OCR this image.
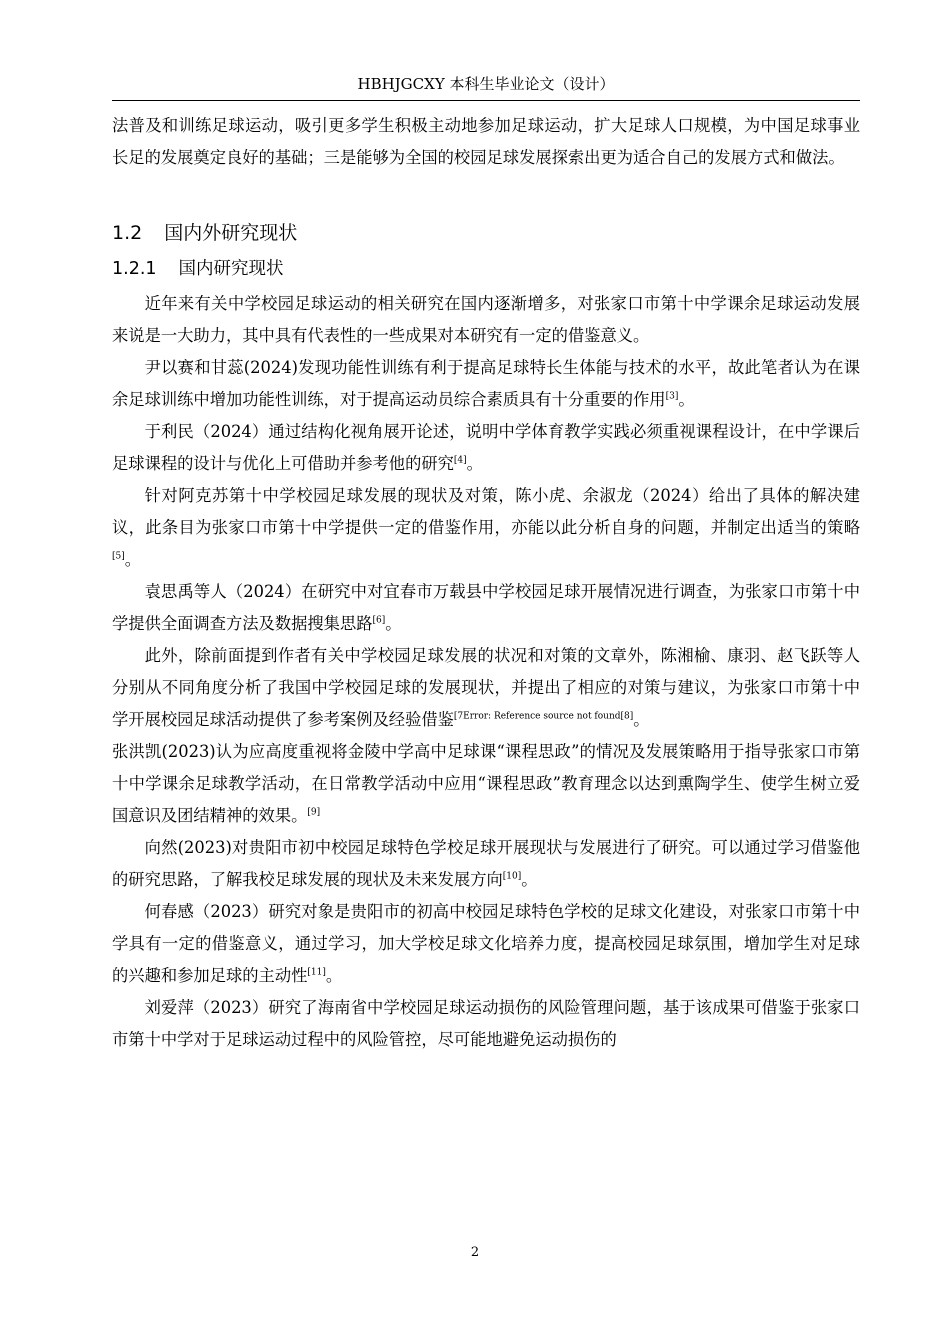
HBHJGCXY 本科生毕业论文（设计）

法普及和训练足球运动，吸引更多学生积极主动地参加足球运动，扩大足球人口规模，为中国足球事业长足的发展奠定良好的基础；三是能够为全国的校园足球发展探索出更为适合自己的发展方式和做法。

1.2 国内外研究现状
1.2.1 国内研究现状

近年来有关中学校园足球运动的相关研究在国内逐渐增多，对张家口市第十中学课余足球运动发展来说是一大助力，其中具有代表性的一些成果对本研究有一定的借鉴意义。

尹以赛和甘蕊(2024)发现功能性训练有利于提高足球特长生体能与技术的水平，故此笔者认为在课余足球训练中增加功能性训练，对于提高运动员综合素质具有十分重要的作用[3]。

于利民（2024）通过结构化视角展开论述，说明中学体育教学实践必须重视课程设计，在中学课后足球课程的设计与优化上可借助并参考他的研究[4]。

针对阿克苏第十中学校园足球发展的现状及对策，陈小虎、余淑龙（2024）给出了具体的解决建议，此条目为张家口市第十中学提供一定的借鉴作用，亦能以此分析自身的问题，并制定出适当的策略[5]。

袁思禹等人（2024）在研究中对宜春市万载县中学校园足球开展情况进行调查，为张家口市第十中学提供全面调查方法及数据搜集思路[6]。

此外，除前面提到作者有关中学校园足球发展的状况和对策的文章外，陈湘榆、康羽、赵飞跃等人分别从不同角度分析了我国中学校园足球的发展现状，并提出了相应的对策与建议，为张家口市第十中学开展校园足球活动提供了参考案例及经验借鉴[7Error: Reference source not found[8]。

张洪凯(2023)认为应高度重视将金陵中学高中足球课“课程思政”的情况及发展策略用于指导张家口市第十中学课余足球教学活动，在日常教学活动中应用“课程思政”教育理念以达到熏陶学生、使学生树立爱国意识及团结精神的效果。[9]

向然(2023)对贵阳市初中校园足球特色学校足球开展现状与发展进行了研究。可以通过学习借鉴他的研究思路，了解我校足球发展的现状及未来发展方向[10]。

何春感（2023）研究对象是贵阳市的初高中校园足球特色学校的足球文化建设，对张家口市第十中学具有一定的借鉴意义，通过学习，加大学校足球文化培养力度，提高校园足球氛围，增加学生对足球的兴趣和参加足球的主动性[11]。

刘爱萍（2023）研究了海南省中学校园足球运动损伤的风险管理问题，基于该成果可借鉴于张家口市第十中学对于足球运动过程中的风险管控，尽可能地避免运动损伤的

2
